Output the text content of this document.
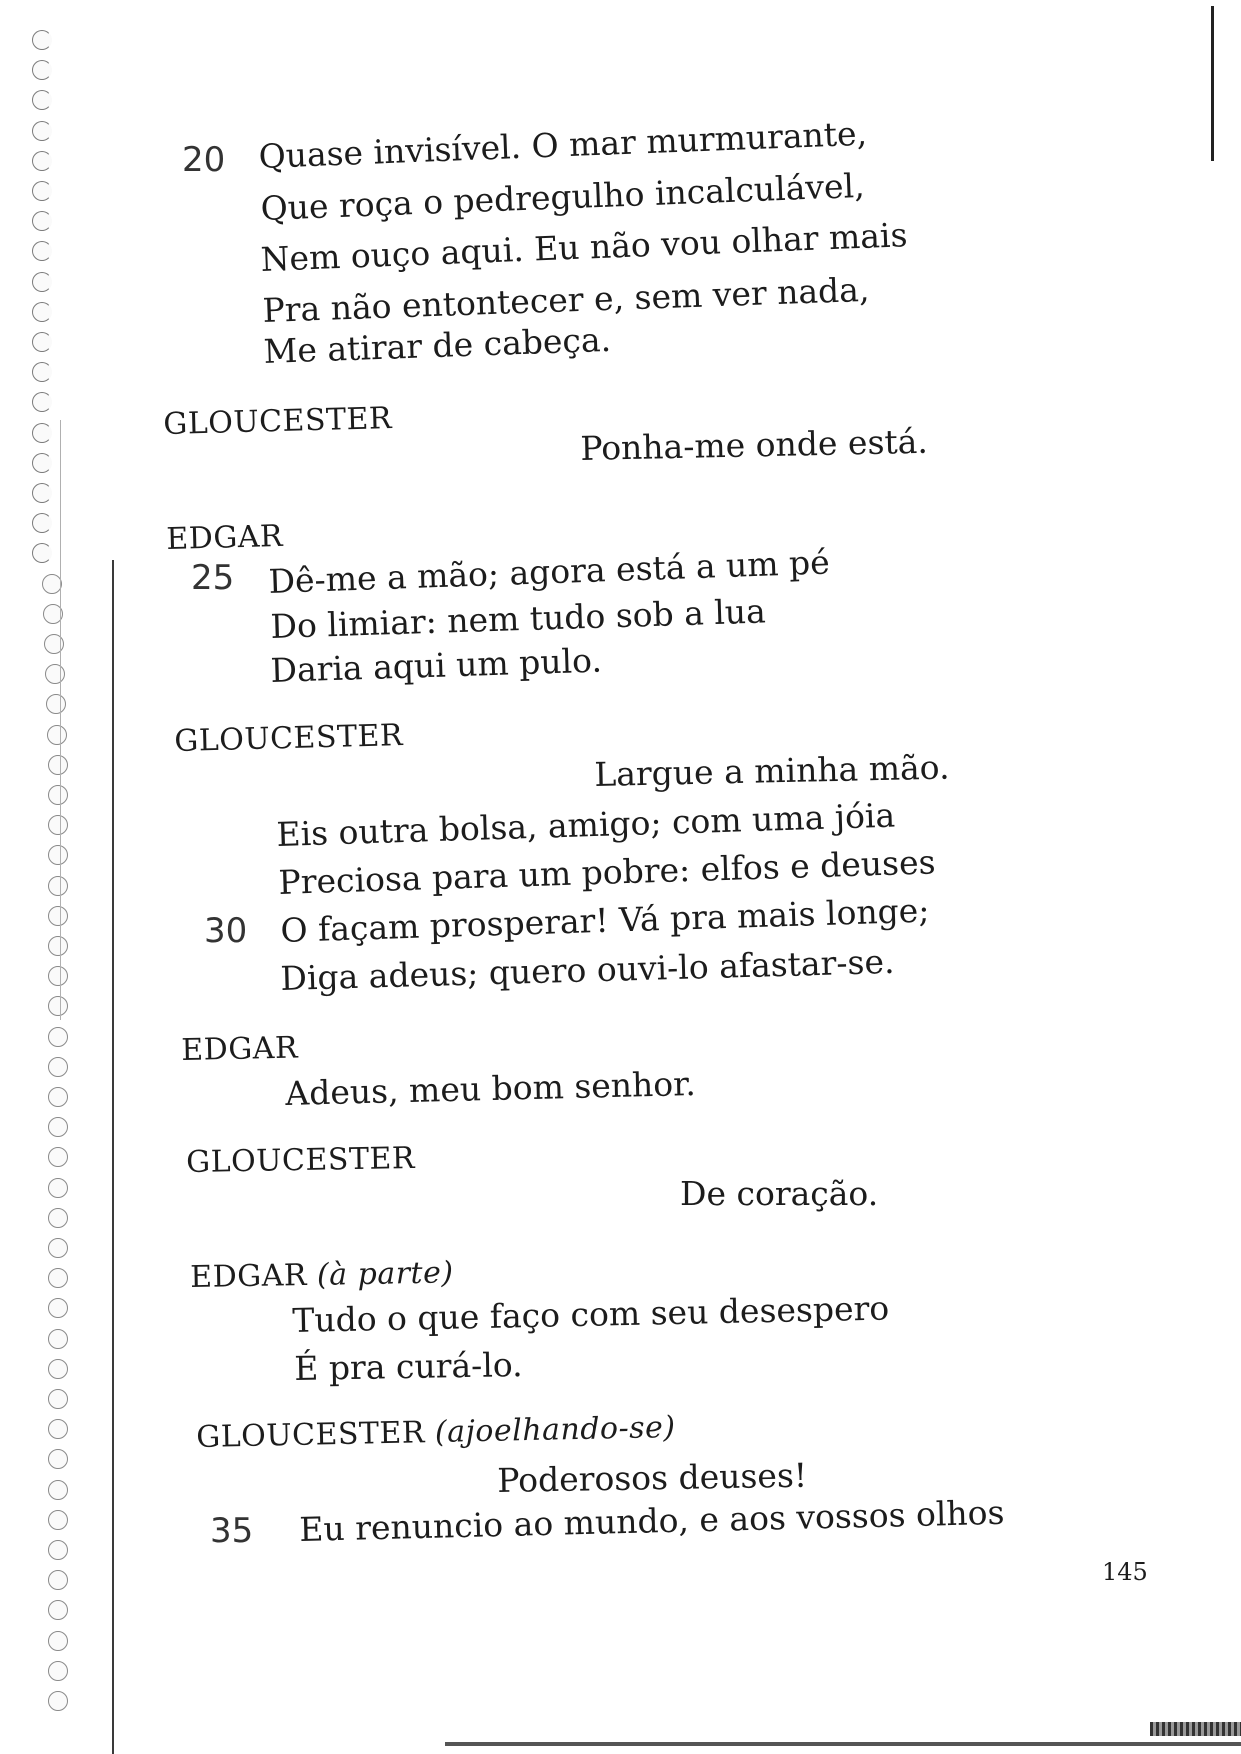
20
25
30
35
Quase invisível. O mar murmurante,
Que roça o pedregulho incalculável,
Nem ouço aqui. Eu não vou olhar mais
Pra não entontecer e, sem ver nada,
Me atirar de cabeça.
GLOUCESTER
Ponha-me onde está.
EDGAR
Dê-me a mão; agora está a um pé
Do limiar: nem tudo sob a lua
Daria aqui um pulo.
GLOUCESTER
Largue a minha mão.
Eis outra bolsa, amigo; com uma jóia
Preciosa para um pobre: elfos e deuses
O façam prosperar! Vá pra mais longe;
Diga adeus; quero ouvi-lo afastar-se.
EDGAR
Adeus, meu bom senhor.
GLOUCESTER
De coração.
EDGAR (à parte)
Tudo o que faço com seu desespero
É pra curá-lo.
GLOUCESTER (ajoelhando-se)
Poderosos deuses!
Eu renuncio ao mundo, e aos vossos olhos
145
